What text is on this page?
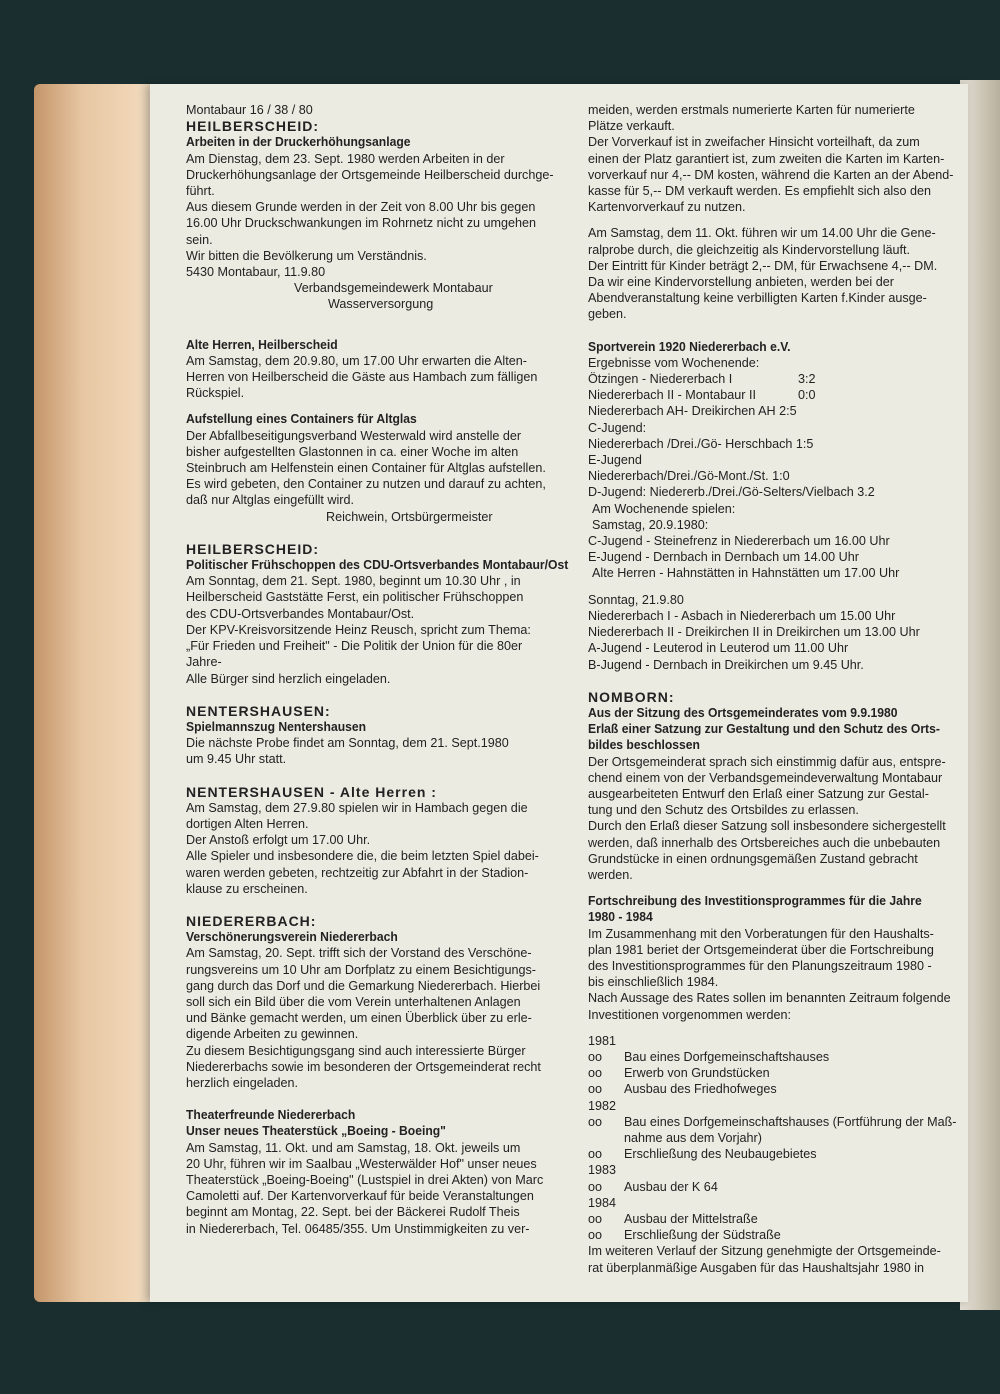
Montabaur 16 / 38 / 80

HEILBERSCHEID:

Arbeiten in der Druckerhöhungsanlage

Am Dienstag, dem 23. Sept. 1980 werden Arbeiten in der

Druckerhöhungsanlage der Ortsgemeinde Heilberscheid durchge-

führt.

Aus diesem Grunde werden in der Zeit von 8.00 Uhr bis gegen

16.00 Uhr Druckschwankungen im Rohrnetz nicht zu umgehen

sein.

Wir bitten die Bevölkerung um Verständnis.

5430 Montabaur, 11.9.80

Verbandsgemeindewerk Montabaur

Wasserversorgung

Alte Herren, Heilberscheid

Am Samstag, dem 20.9.80, um 17.00 Uhr erwarten die Alten-

Herren von Heilberscheid die Gäste aus Hambach zum fälligen

Rückspiel.

Aufstellung eines Containers für Altglas

Der Abfallbeseitigungsverband Westerwald wird anstelle der

bisher aufgestellten Glastonnen in ca. einer Woche im alten

Steinbruch am Helfenstein einen Container für Altglas aufstellen.

Es wird gebeten, den Container zu nutzen und darauf zu achten,

daß nur Altglas eingefüllt wird.

Reichwein, Ortsbürgermeister

HEILBERSCHEID:

Politischer Frühschoppen des CDU-Ortsverbandes Montabaur/Ost

Am Sonntag, dem 21. Sept. 1980, beginnt um 10.30 Uhr , in

Heilberscheid Gaststätte Ferst, ein politischer Frühschoppen

des CDU-Ortsverbandes Montabaur/Ost.

Der KPV-Kreisvorsitzende Heinz Reusch, spricht zum Thema:

„Für Frieden und Freiheit" - Die Politik der Union für die 80er

Jahre-

Alle Bürger sind herzlich eingeladen.

NENTERSHAUSEN:

Spielmannszug Nentershausen

Die nächste Probe findet am Sonntag, dem 21. Sept.1980

um 9.45 Uhr statt.

NENTERSHAUSEN - Alte Herren :

Am Samstag, dem 27.9.80 spielen wir in Hambach gegen die

dortigen Alten Herren.

Der Anstoß erfolgt um 17.00 Uhr.

Alle Spieler und insbesondere die, die beim letzten Spiel dabei-

waren werden gebeten, rechtzeitig zur Abfahrt in der Stadion-

klause zu erscheinen.

NIEDERERBACH:

Verschönerungsverein Niedererbach

Am Samstag, 20. Sept. trifft sich der Vorstand des Verschöne-

rungsvereins um 10 Uhr am Dorfplatz zu einem Besichtigungs-

gang durch das Dorf und die Gemarkung Niedererbach. Hierbei

soll sich ein Bild über die vom Verein unterhaltenen Anlagen

und Bänke gemacht werden, um einen Überblick über zu erle-

digende Arbeiten zu gewinnen.

Zu diesem Besichtigungsgang sind auch interessierte Bürger

Niedererbachs sowie im besonderen der Ortsgemeinderat recht

herzlich eingeladen.

Theaterfreunde Niedererbach

Unser neues Theaterstück „Boeing - Boeing"

Am Samstag, 11. Okt. und am Samstag, 18. Okt. jeweils um

20 Uhr, führen wir im Saalbau „Westerwälder Hof" unser neues

Theaterstück „Boeing-Boeing" (Lustspiel in drei Akten) von Marc

Camoletti auf. Der Kartenvorverkauf für beide Veranstaltungen

beginnt am Montag, 22. Sept. bei der Bäckerei Rudolf Theis

in Niedererbach, Tel. 06485/355. Um Unstimmigkeiten zu ver-

meiden, werden erstmals numerierte Karten für numerierte

Plätze verkauft.

Der Vorverkauf ist in zweifacher Hinsicht vorteilhaft, da zum

einen der Platz garantiert ist, zum zweiten die Karten im Karten-

vorverkauf nur 4,-- DM kosten, während die Karten an der Abend-

kasse für 5,-- DM verkauft werden. Es empfiehlt sich also den

Kartenvorverkauf zu nutzen.

Am Samstag, dem 11. Okt. führen wir um 14.00 Uhr die Gene-

ralprobe durch, die gleichzeitig als Kindervorstellung läuft.

Der Eintritt für Kinder beträgt 2,-- DM, für Erwachsene 4,-- DM.

Da wir eine Kindervorstellung anbieten, werden bei der

Abendveranstaltung keine verbilligten Karten f.Kinder ausge-

geben.

Sportverein 1920 Niedererbach e.V.

Ergebnisse vom Wochenende:

Ötzingen - Niedererbach I	3:2
Niedererbach II - Montabaur II	0:0

Niedererbach AH- Dreikirchen AH 2:5

C-Jugend:

Niedererbach /Drei./Gö- Herschbach 1:5

E-Jugend

Niedererbach/Drei./Gö-Mont./St. 1:0

D-Jugend: Niedererb./Drei./Gö-Selters/Vielbach 3.2

Am Wochenende spielen:

Samstag, 20.9.1980:

C-Jugend - Steinefrenz in Niedererbach um 16.00 Uhr

E-Jugend - Dernbach in Dernbach um 14.00 Uhr

Alte Herren - Hahnstätten in Hahnstätten um 17.00 Uhr

Sonntag, 21.9.80

Niedererbach I - Asbach in Niedererbach um 15.00 Uhr

Niedererbach II - Dreikirchen II in Dreikirchen um 13.00 Uhr

A-Jugend - Leuterod in Leuterod um 11.00 Uhr

B-Jugend - Dernbach in Dreikirchen um 9.45 Uhr.

NOMBORN:

Aus der Sitzung des Ortsgemeinderates vom 9.9.1980

Erlaß einer Satzung zur Gestaltung und den Schutz des Orts-

bildes beschlossen

Der Ortsgemeinderat sprach sich einstimmig dafür aus, entspre-

chend einem von der Verbandsgemeindeverwaltung Montabaur

ausgearbeiteten Entwurf den Erlaß einer Satzung zur Gestal-

tung und den Schutz des Ortsbildes zu erlassen.

Durch den Erlaß dieser Satzung soll insbesondere sichergestellt

werden, daß innerhalb des Ortsbereiches auch die unbebauten

Grundstücke in einen ordnungsgemäßen Zustand gebracht

werden.

Fortschreibung des Investitionsprogrammes für die Jahre

1980 - 1984

Im Zusammenhang mit den Vorberatungen für den Haushalts-

plan 1981 beriet der Ortsgemeinderat über die Fortschreibung

des Investitionsprogrammes für den Planungszeitraum 1980 -

bis einschließlich 1984.

Nach Aussage des Rates sollen im benannten Zeitraum folgende

Investitionen vorgenommen werden:

1981

oo	Bau eines Dorfgemeinschaftshauses
oo	Erwerb von Grundstücken
oo	Ausbau des Friedhofweges

1982

oo	Bau eines Dorfgemeinschaftshauses (Fortführung der Maß-
nahme aus dem Vorjahr)
oo	Erschließung des Neubaugebietes

1983

oo	Ausbau der K 64

1984

oo	Ausbau der Mittelstraße
oo	Erschließung der Südstraße

Im weiteren Verlauf der Sitzung genehmigte der Ortsgemeinde-

rat überplanmäßige Ausgaben für das Haushaltsjahr 1980 in
